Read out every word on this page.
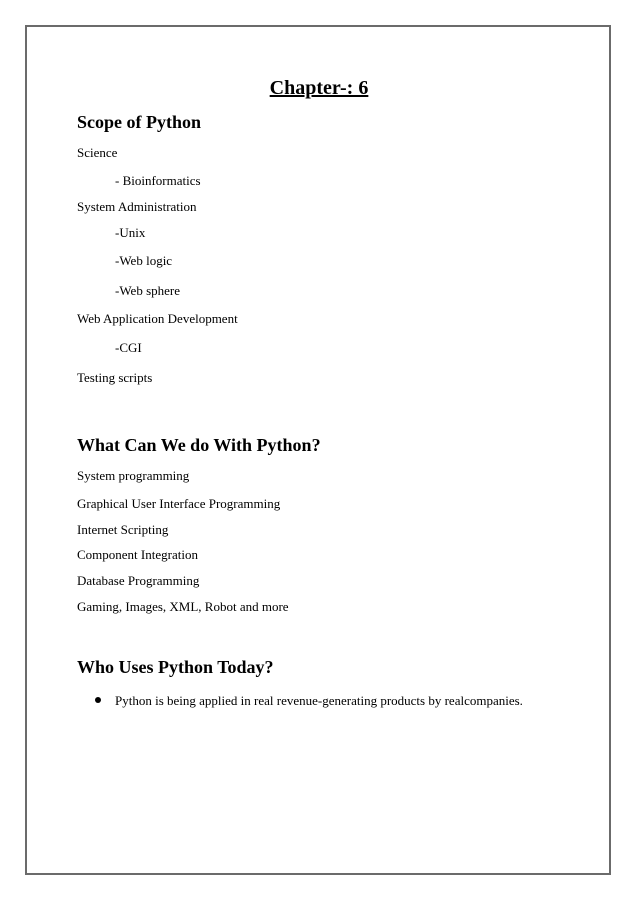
Chapter-: 6
Scope of Python
Science
- Bioinformatics
System Administration
-Unix
-Web logic
-Web sphere
Web Application Development
-CGI
Testing scripts
What Can We do With Python?
System programming
Graphical User Interface Programming
Internet Scripting
Component Integration
Database Programming
Gaming, Images, XML, Robot and more
Who Uses Python Today?
Python is being applied in real revenue-generating products by realcompanies.
